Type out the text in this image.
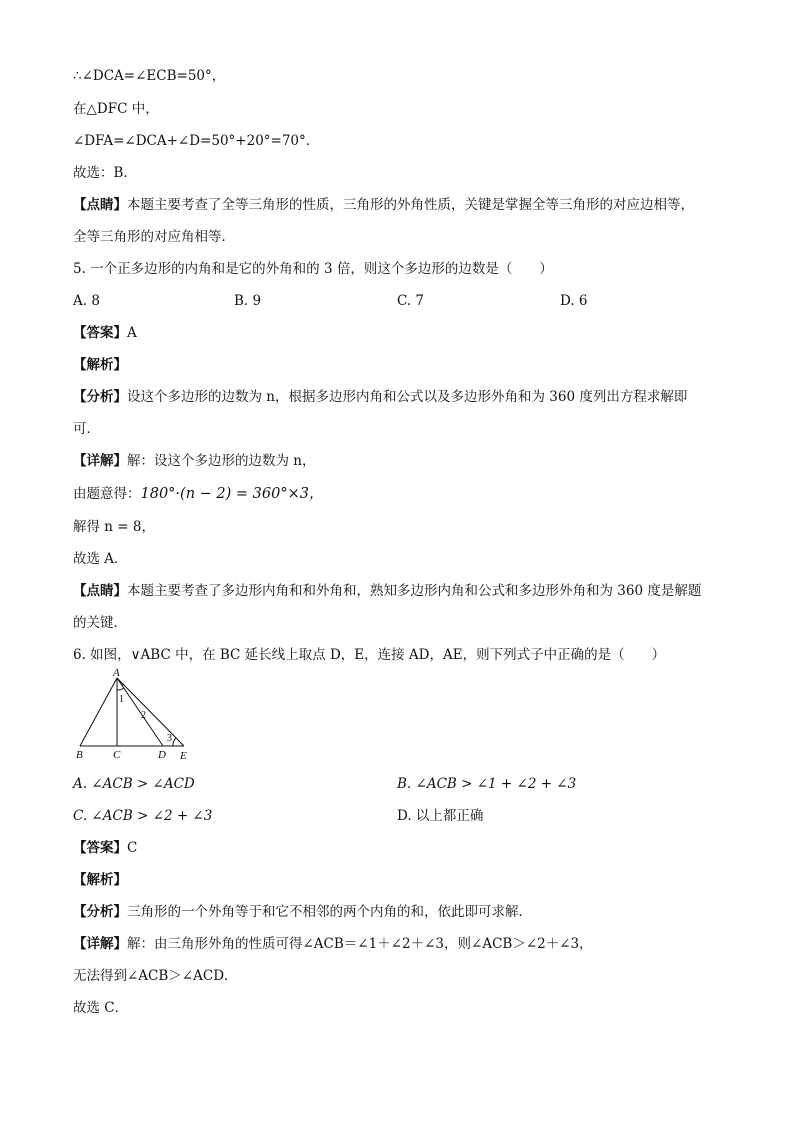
∴∠DCA=∠ECB=50°，
在△DFC 中，
∠DFA=∠DCA+∠D=50°+20°=70°．
故选：B．
【点睛】本题主要考查了全等三角形的性质，三角形的外角性质，关键是掌握全等三角形的对应边相等，
全等三角形的对应角相等．
5. 一个正多边形的内角和是它的外角和的 3 倍，则这个多边形的边数是（　　）
A. 8	B. 9	C. 7	D. 6
【答案】A
【解析】
【分析】设这个多边形的边数为 n，根据多边形内角和公式以及多边形外角和为 360 度列出方程求解即
可．
【详解】解：设这个多边形的边数为 n，
由题意得：180°·(n − 2) = 360°×3，
解得 n = 8，
故选 A．
【点睛】本题主要考查了多边形内角和和外角和，熟知多边形内角和公式和多边形外角和为 360 度是解题
的关键．
6. 如图，∨ABC 中，在 BC 延长线上取点 D，E，连接 AD，AE，则下列式子中正确的是（　　）
A
B	C	D E
1
2
3
A. ∠ACB > ∠ACD	B. ∠ACB > ∠1 + ∠2 + ∠3
C. ∠ACB > ∠2 + ∠3	D. 以上都正确
【答案】C
【解析】
【分析】三角形的一个外角等于和它不相邻的两个内角的和，依此即可求解．
【详解】解：由三角形外角的性质可得∠ACB＝∠1＋∠2＋∠3，则∠ACB＞∠2＋∠3，
无法得到∠ACB＞∠ACD．
故选 C．
